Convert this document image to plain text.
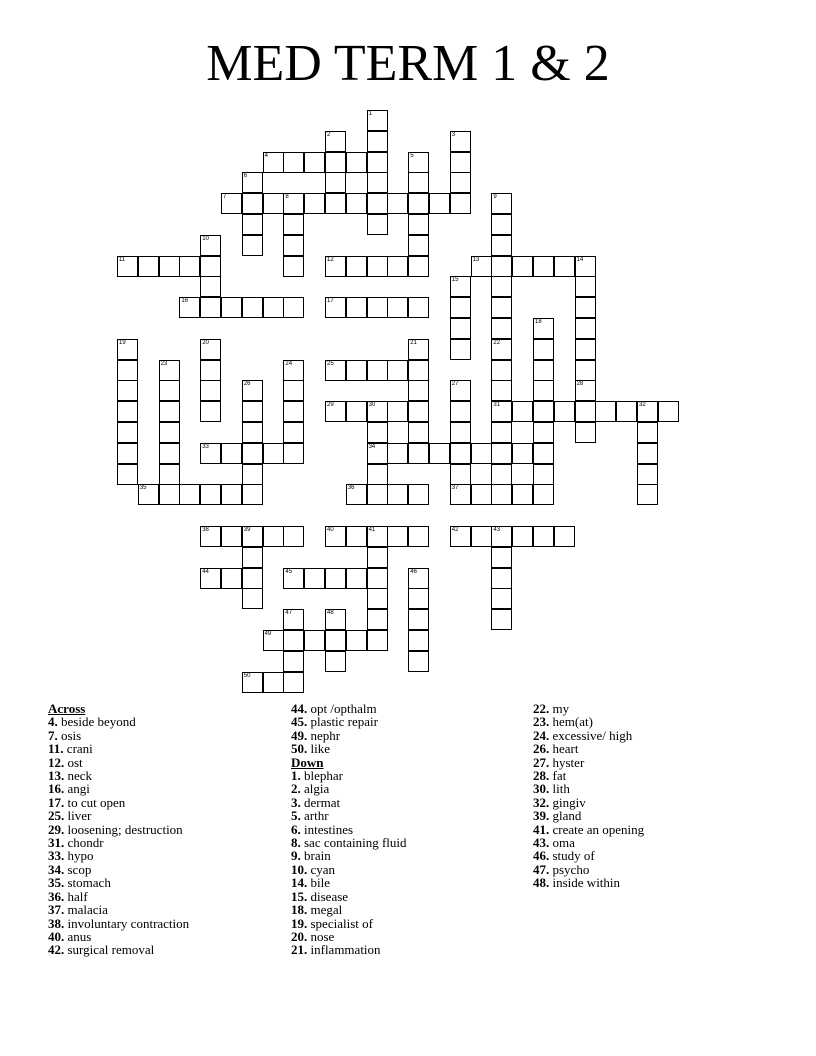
MED TERM 1 & 2
4
8
7
11	12	13	14
16	17
25
29	30	31	32
33	34
35	36	37
38	39	40	41	42	43
44	45
49
50
1
2	3
5
6
9
10
15
18
19
23
20
26
24
21	22
27	28
46
47	48
Across
4. beside beyond
7. osis
11. crani
12. ost
13. neck
16. angi
17. to cut open
25. liver
29. loosening; destruction
31. chondr
33. hypo
34. scop
35. stomach
36. half
37. malacia
38. involuntary contraction
40. anus
42. surgical removal
44. opt /opthalm
45. plastic repair
49. nephr
50. like
Down
1. blephar
2. algia
3. dermat
5. arthr
6. intestines
8. sac containing fluid
9. brain
10. cyan
14. bile
15. disease
18. megal
19. specialist of
20. nose
21. inflammation
22. my
23. hem(at)
24. excessive/ high
26. heart
27. hyster
28. fat
30. lith
32. gingiv
39. gland
41. create an opening
43. oma
46. study of
47. psycho
48. inside within
